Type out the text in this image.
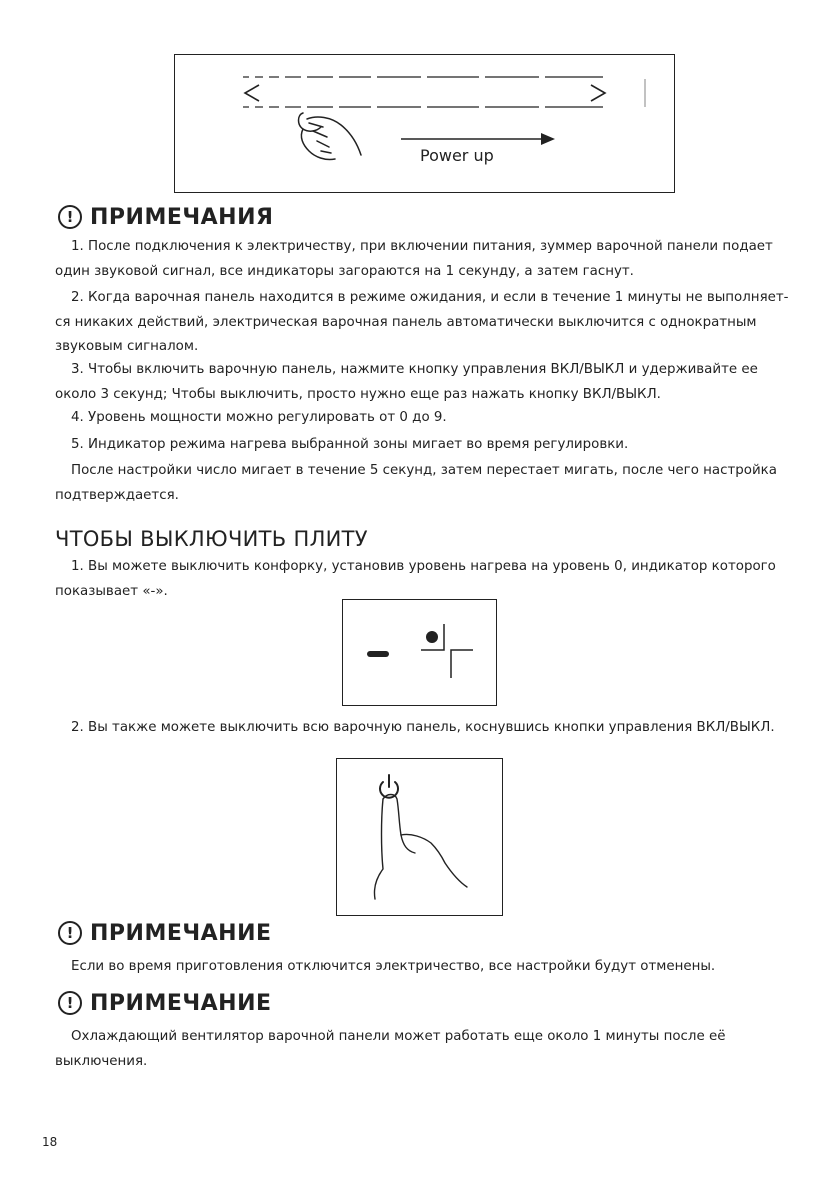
Power up
! ПРИМЕЧАНИЯ

1. После подключения к электричеству, при включении питания, зуммер варочной панели подает один звуковой сигнал, все индикаторы загораются на 1 секунду, а затем гаснут.

2. Когда варочная панель находится в режиме ожидания, и если в течение 1 минуты не выполняет-ся никаких действий, электрическая варочная панель автоматически выключится с однократным звуковым сигналом.

3. Чтобы включить варочную панель, нажмите кнопку управления ВКЛ/ВЫКЛ и удерживайте ее около 3 секунд; Чтобы выключить, просто нужно еще раз нажать кнопку ВКЛ/ВЫКЛ.

4. Уровень мощности можно регулировать от 0 до 9.

5. Индикатор режима нагрева выбранной зоны мигает во время регулировки.

После настройки число мигает в течение 5 секунд, затем перестает мигать, после чего настройка подтверждается.

ЧТОБЫ ВЫКЛЮЧИТЬ ПЛИТУ

1. Вы можете выключить конфорку, установив уровень нагрева на уровень 0, индикатор которого показывает «-».

2. Вы также можете выключить всю варочную панель, коснувшись кнопки управления ВКЛ/ВЫКЛ.

! ПРИМЕЧАНИЕ

Если во время приготовления отключится электричество, все настройки будут отменены.

! ПРИМЕЧАНИЕ

Охлаждающий вентилятор варочной панели может работать еще около 1 минуты после её выключения.

18
